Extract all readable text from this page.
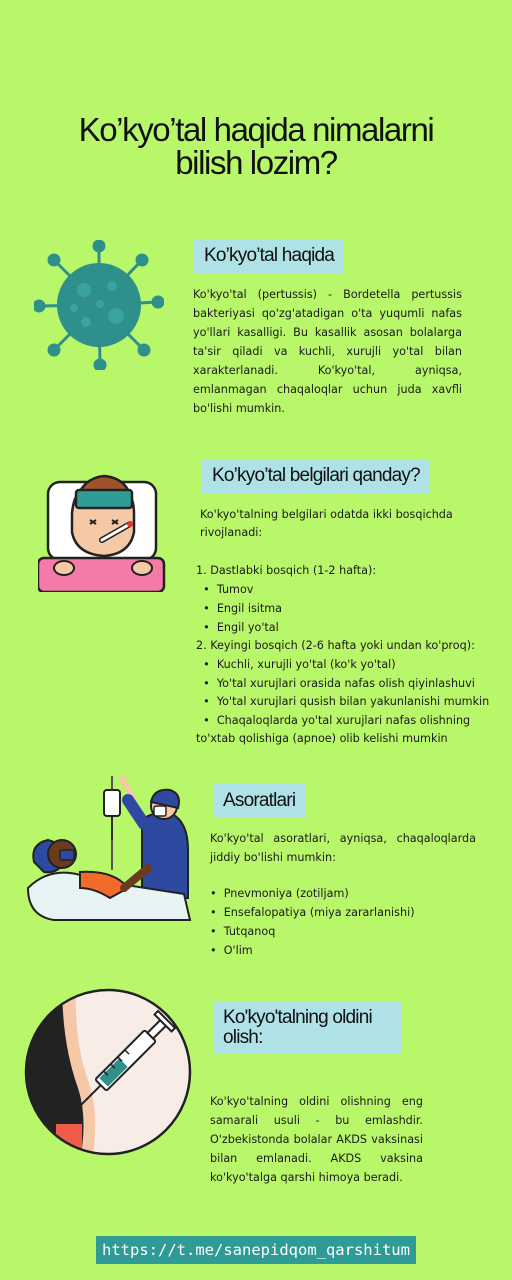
Ko’kyo’tal haqida nimalarni
bilish lozim?
Ko’kyo’tal haqida

Ko'kyo'tal (pertussis) - Bordetella pertussis bakteriyasi qo'zg'atadigan o'ta yuqumli nafas yo'llari kasalligi. Bu kasallik asosan bolalarga ta'sir qiladi va kuchli, xurujli yo'tal bilan xarakterlanadi. Ko'kyo'tal, ayniqsa, emlanmagan chaqaloqlar uchun juda xavfli bo'lishi mumkin.

Ko’kyo’tal belgilari qanday?

Ko'kyo'talning belgilari odatda ikki bosqichda

rivojlanadi:

1. Dastlabki bosqich (1-2 hafta):

•  Tumov

•  Engil isitma

•  Engil yo'tal

2. Keyingi bosqich (2-6 hafta yoki undan ko'proq):

•  Kuchli, xurujli yo'tal (ko'k yo'tal)

•  Yo'tal xurujlari orasida nafas olish qiyinlashuvi

•  Yo'tal xurujlari qusish bilan yakunlanishi mumkin

•  Chaqaloqlarda yo'tal xurujlari nafas olishning

to'xtab qolishiga (apnoe) olib kelishi mumkin

Asoratlari

Ko'kyo'tal asoratlari, ayniqsa, chaqaloqlarda jiddiy bo'lishi mumkin:

•  Pnevmoniya (zotiljam)

•  Ensefalopatiya (miya zararlanishi)

•  Tutqanoq

•  O'lim

Ko'kyo'talning oldini
olish:

Ko'kyo'talning oldini olishning eng samarali usuli - bu emlashdir. O'zbekistonda bolalar AKDS vaksinasi bilan emlanadi. AKDS vaksina ko'kyo'talga qarshi himoya beradi.

https://t.me/sanepidqom_qarshitum
